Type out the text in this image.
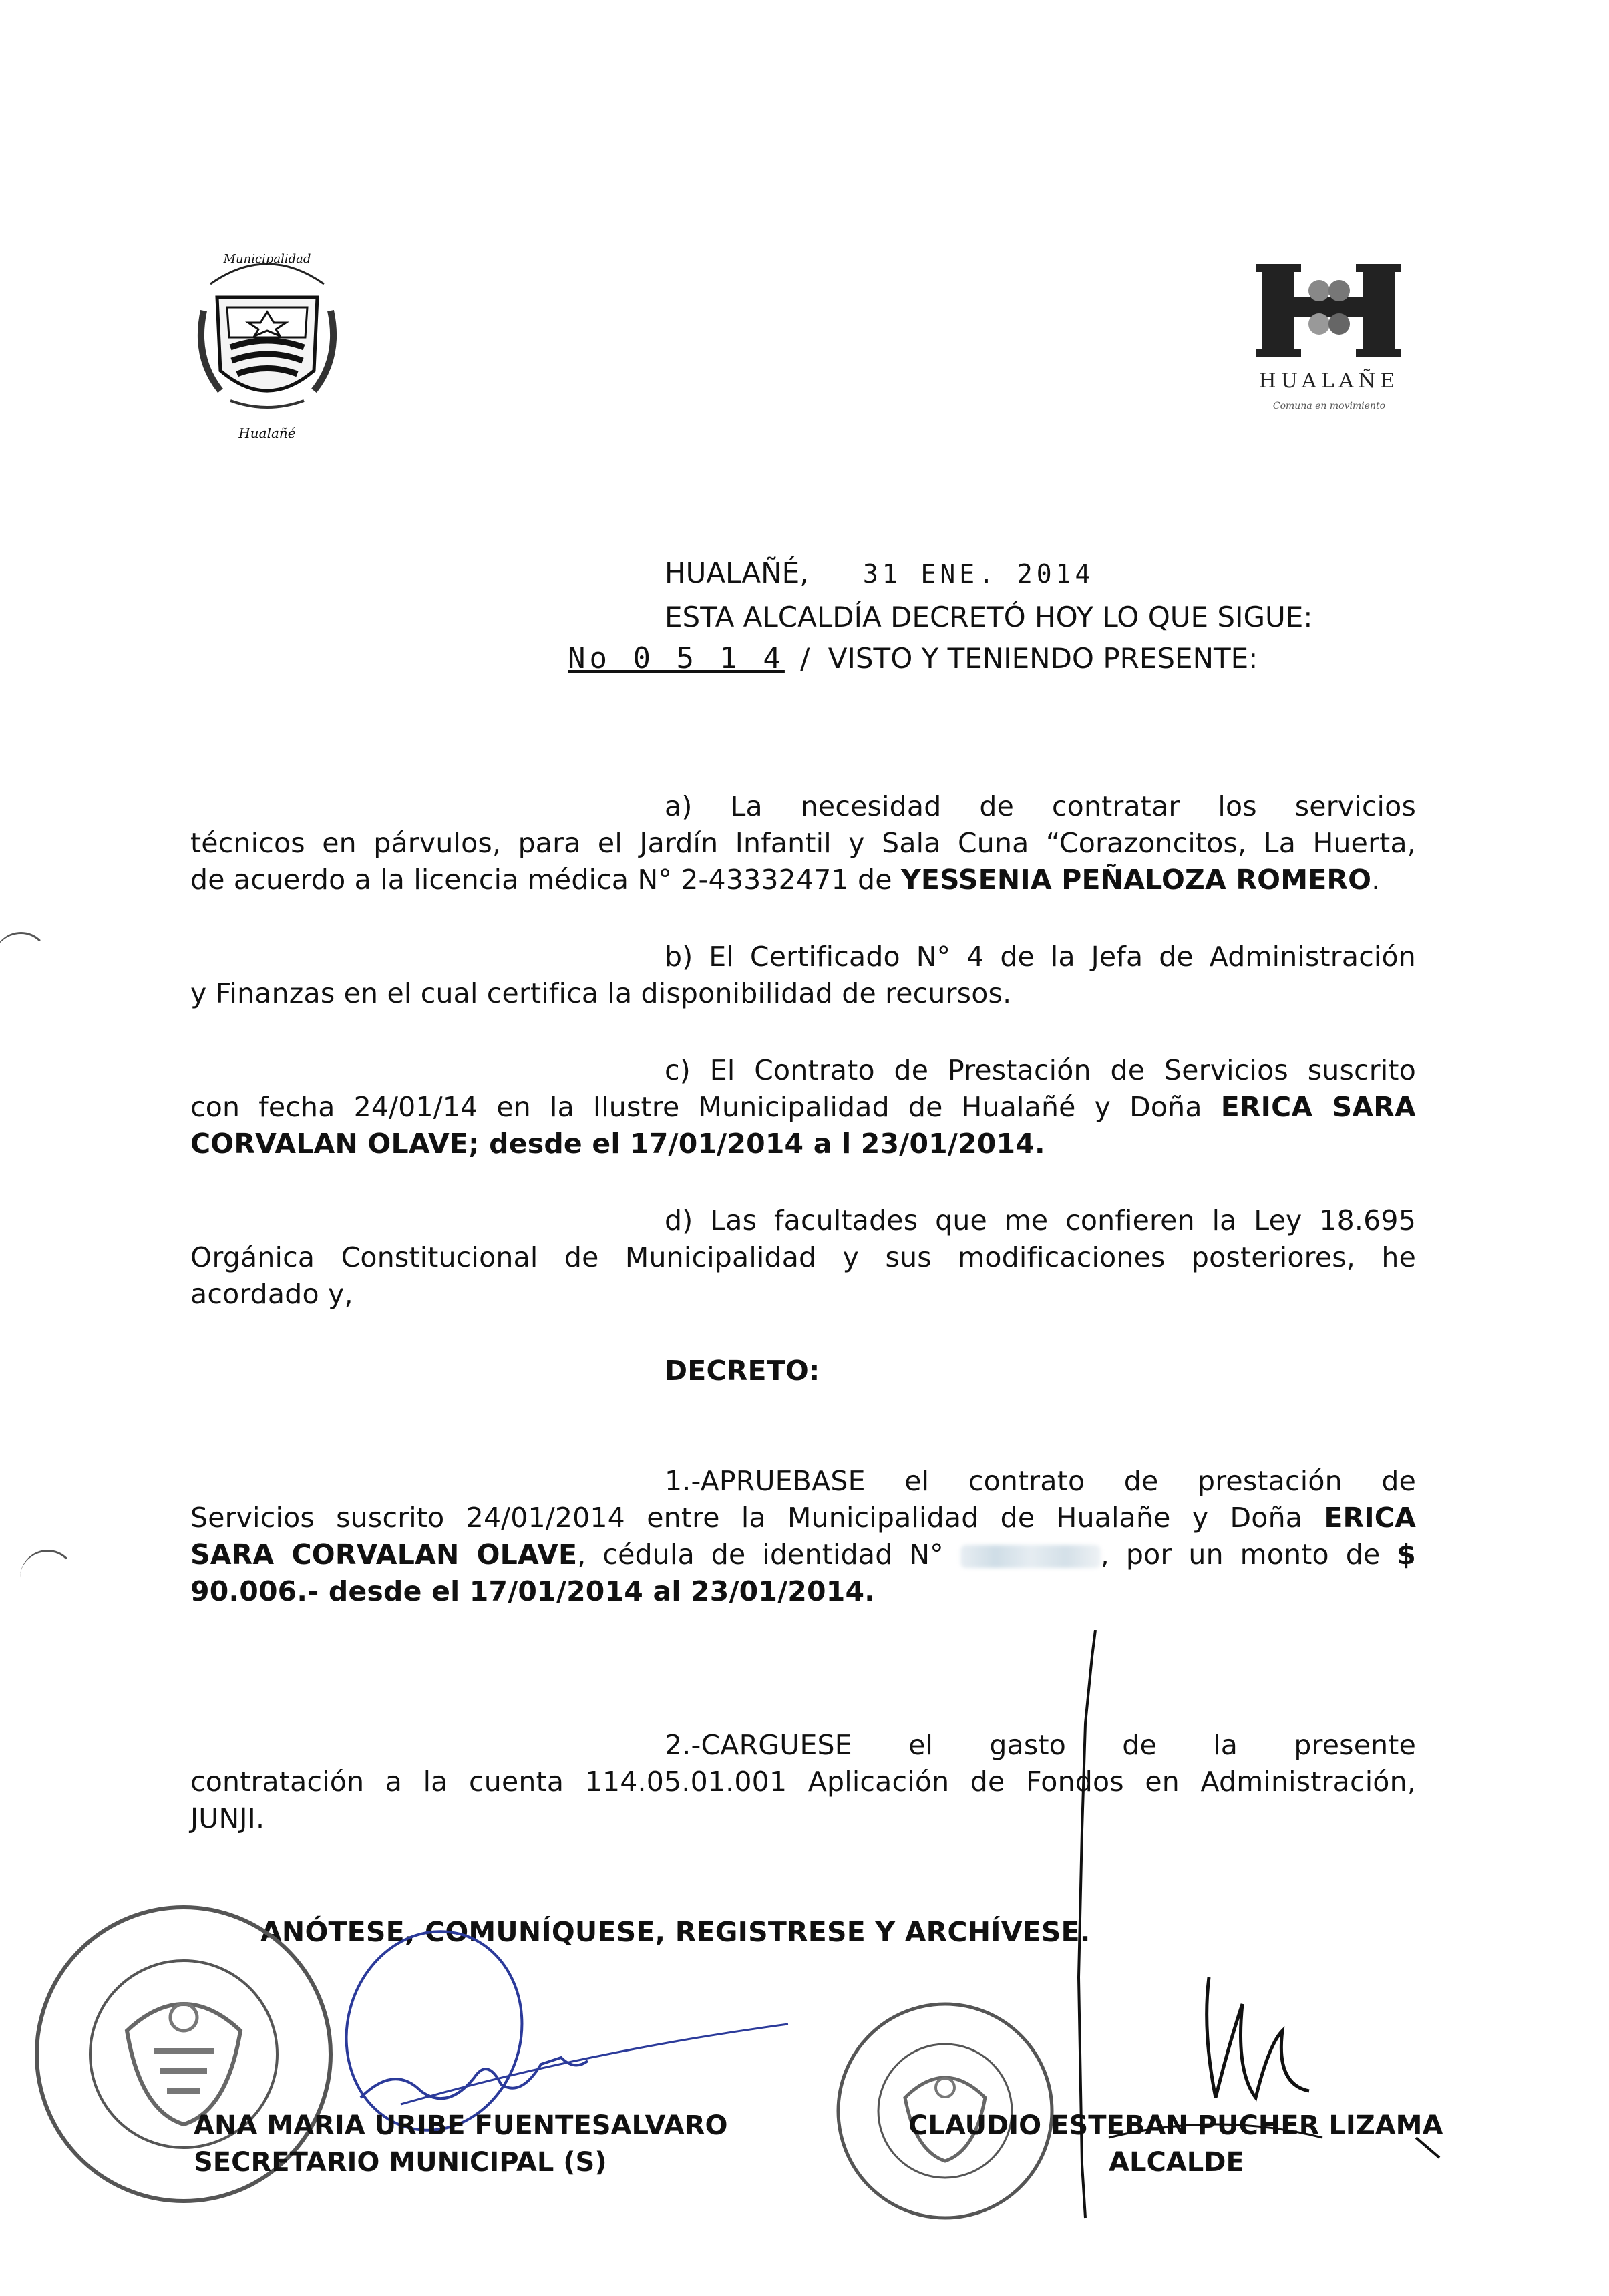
Municipalidad
Hualañé
HUALAÑE
Comuna en movimiento
HUALAÑÉ, 31 ENE. 2014
ESTA ALCALDÍA DECRETÓ HOY LO QUE SIGUE:
No 0 5 1 4 / VISTO Y TENIENDO PRESENTE:
a) La necesidad de contratar los servicios
técnicos en párvulos, para el Jardín Infantil y Sala Cuna “Corazoncitos, La Huerta,
de acuerdo a la licencia médica N° 2-43332471 de YESSENIA PEÑALOZA ROMERO.
b) El Certificado N° 4 de la Jefa de Administración
y Finanzas en el cual certifica la disponibilidad de recursos.
c) El Contrato de Prestación de Servicios suscrito
con fecha 24/01/14 en la Ilustre Municipalidad de Hualañé y Doña ERICA SARA
CORVALAN OLAVE; desde el 17/01/2014 a l 23/01/2014.
d) Las facultades que me confieren la Ley 18.695
Orgánica Constitucional de Municipalidad y sus modificaciones posteriores, he
acordado y,
DECRETO:
1.-APRUEBASE el contrato de prestación de
Servicios suscrito 24/01/2014 entre la Municipalidad de Hualañe y Doña ERICA
SARA CORVALAN OLAVE, cédula de identidad N°	, por un monto de $
90.006.- desde el 17/01/2014 al 23/01/2014.
2.-CARGUESE el gasto de la presente
contratación a la cuenta 114.05.01.001 Aplicación de Fondos en Administración,
JUNJI.
ANÓTESE, COMUNÍQUESE, REGISTRESE Y ARCHÍVESE.
ANA MARIA URIBE FUENTESALVARO
SECRETARIO MUNICIPAL (S)
CLAUDIO ESTEBAN PUCHER LIZAMA
ALCALDE
